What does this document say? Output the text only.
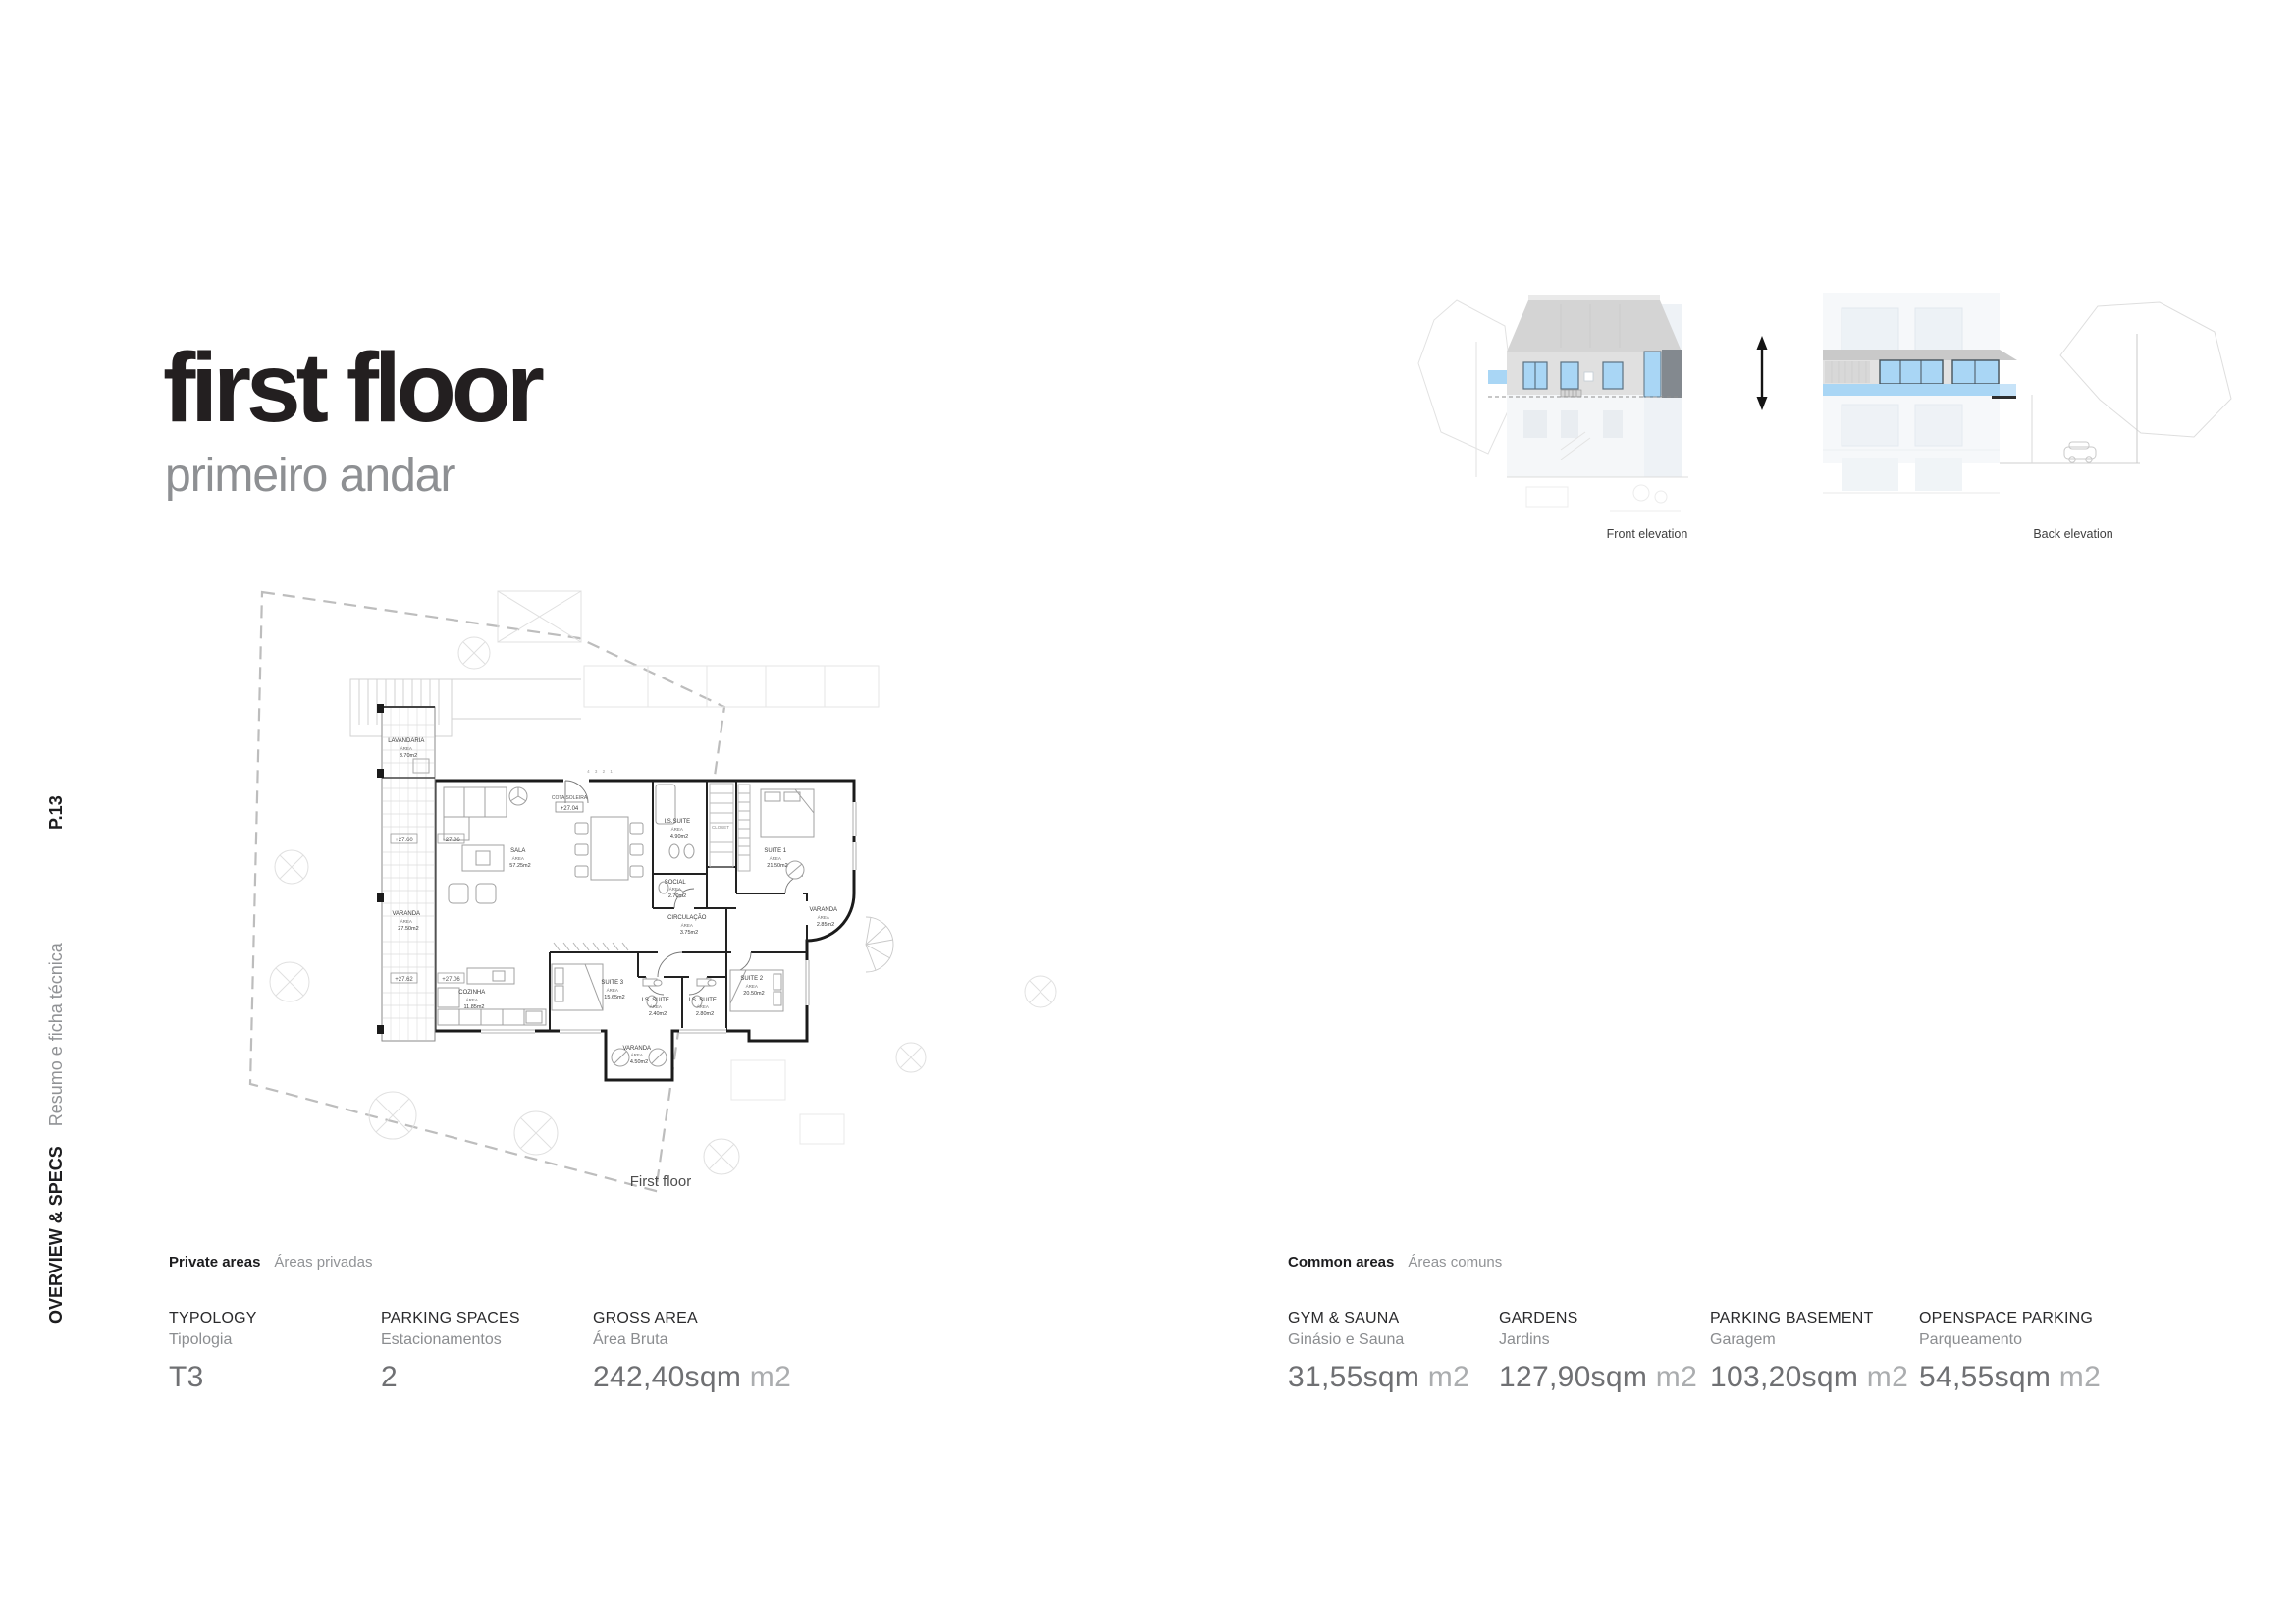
first floor
primeiro andar
P.13
OVERVIEW & SPECSResumo e ficha técnica
+27.60	+27.06
+27.62	+27.06
4 3 2 1
COTA SOLEIRA
+27.04
LAVANDARIA ÁREA 3.70m2
VARANDA ÁREA 27.50m2
SALA ÁREA 57.25m2
COZINHA ÁREA 11.85m2
I.S.SUITE ÁREA 4.90m2
SOCIAL ÁREA 2.70m2
CIRCULAÇÃO ÁREA 3.75m2
CLOSET
SUITE 1 ÁREA 21.50m2
SUITE 3 ÁREA 15.65m2	I.S. SUITE ÁREA 2.40m2
I.S. SUITE ÁREA 2.80m2
SUITE 2 ÁREA 20.50m2
VARANDA ÁREA 2.85m2
VARANDA ÁREA 4.50m2
First floor
Front elevation	Back elevation
Private areas Áreas privadas
TYPOLOGY
Tipologia
T3
PARKING SPACES
Estacionamentos
2
GROSS AREA
Área Bruta
242,40sqm m2
Common areas Áreas comuns
GYM & SAUNA
Ginásio e Sauna
31,55sqm m2
GARDENS
Jardins
127,90sqm m2
PARKING BASEMENT
Garagem
103,20sqm m2
OPENSPACE PARKING
Parqueamento
54,55sqm m2
